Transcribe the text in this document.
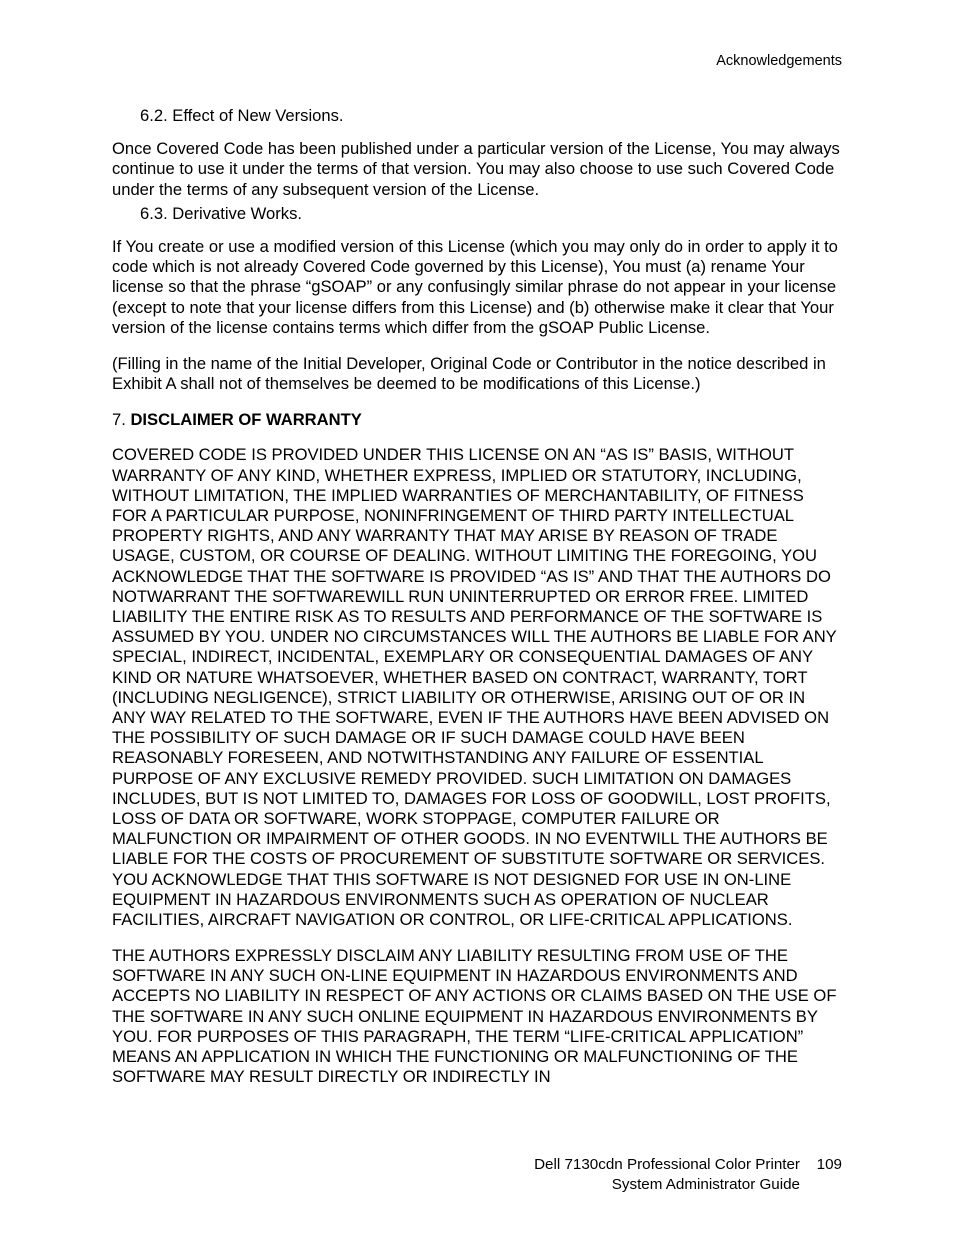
Acknowledgements

6.2. Effect of New Versions.

Once Covered Code has been published under a particular version of the License, You may always continue to use it under the terms of that version. You may also choose to use such Covered Code under the terms of any subsequent version of the License.

6.3. Derivative Works.

If You create or use a modified version of this License (which you may only do in order to apply it to code which is not already Covered Code governed by this License), You must (a) rename Your license so that the phrase “gSOAP” or any confusingly similar phrase do not appear in your license (except to note that your license differs from this License) and (b) otherwise make it clear that Your version of the license contains terms which differ from the gSOAP Public License.

(Filling in the name of the Initial Developer, Original Code or Contributor in the notice described in Exhibit A shall not of themselves be deemed to be modifications of this License.)

7. DISCLAIMER OF WARRANTY

COVERED CODE IS PROVIDED UNDER THIS LICENSE ON AN “AS IS” BASIS, WITHOUT WARRANTY OF ANY KIND, WHETHER EXPRESS, IMPLIED OR STATUTORY, INCLUDING, WITHOUT LIMITATION, THE IMPLIED WARRANTIES OF MERCHANTABILITY, OF FITNESS FOR A PARTICULAR PURPOSE, NONINFRINGEMENT OF THIRD PARTY INTELLECTUAL PROPERTY RIGHTS, AND ANY WARRANTY THAT MAY ARISE BY REASON OF TRADE USAGE, CUSTOM, OR COURSE OF DEALING. WITHOUT LIMITING THE FOREGOING, YOU ACKNOWLEDGE THAT THE SOFTWARE IS PROVIDED “AS IS” AND THAT THE AUTHORS DO NOTWARRANT THE SOFTWAREWILL RUN UNINTERRUPTED OR ERROR FREE. LIMITED LIABILITY THE ENTIRE RISK AS TO RESULTS AND PERFORMANCE OF THE SOFTWARE IS ASSUMED BY YOU. UNDER NO CIRCUMSTANCES WILL THE AUTHORS BE LIABLE FOR ANY SPECIAL, INDIRECT, INCIDENTAL, EXEMPLARY OR CONSEQUENTIAL DAMAGES OF ANY KIND OR NATURE WHATSOEVER, WHETHER BASED ON CONTRACT, WARRANTY, TORT (INCLUDING NEGLIGENCE), STRICT LIABILITY OR OTHERWISE, ARISING OUT OF OR IN ANY WAY RELATED TO THE SOFTWARE, EVEN IF THE AUTHORS HAVE BEEN ADVISED ON THE POSSIBILITY OF SUCH DAMAGE OR IF SUCH DAMAGE COULD HAVE BEEN REASONABLY FORESEEN, AND NOTWITHSTANDING ANY FAILURE OF ESSENTIAL PURPOSE OF ANY EXCLUSIVE REMEDY PROVIDED. SUCH LIMITATION ON DAMAGES INCLUDES, BUT IS NOT LIMITED TO, DAMAGES FOR LOSS OF GOODWILL, LOST PROFITS, LOSS OF DATA OR SOFTWARE, WORK STOPPAGE, COMPUTER FAILURE OR MALFUNCTION OR IMPAIRMENT OF OTHER GOODS. IN NO EVENTWILL THE AUTHORS BE LIABLE FOR THE COSTS OF PROCUREMENT OF SUBSTITUTE SOFTWARE OR SERVICES. YOU ACKNOWLEDGE THAT THIS SOFTWARE IS NOT DESIGNED FOR USE IN ON-LINE EQUIPMENT IN HAZARDOUS ENVIRONMENTS SUCH AS OPERATION OF NUCLEAR FACILITIES, AIRCRAFT NAVIGATION OR CONTROL, OR LIFE-CRITICAL APPLICATIONS.

THE AUTHORS EXPRESSLY DISCLAIM ANY LIABILITY RESULTING FROM USE OF THE SOFTWARE IN ANY SUCH ON-LINE EQUIPMENT IN HAZARDOUS ENVIRONMENTS AND ACCEPTS NO LIABILITY IN RESPECT OF ANY ACTIONS OR CLAIMS BASED ON THE USE OF THE SOFTWARE IN ANY SUCH ONLINE EQUIPMENT IN HAZARDOUS ENVIRONMENTS BY YOU. FOR PURPOSES OF THIS PARAGRAPH, THE TERM “LIFE-CRITICAL APPLICATION” MEANS AN APPLICATION IN WHICH THE FUNCTIONING OR MALFUNCTIONING OF THE SOFTWARE MAY RESULT DIRECTLY OR INDIRECTLY IN

Dell 7130cdn Professional Color Printer	109
System Administrator Guide
